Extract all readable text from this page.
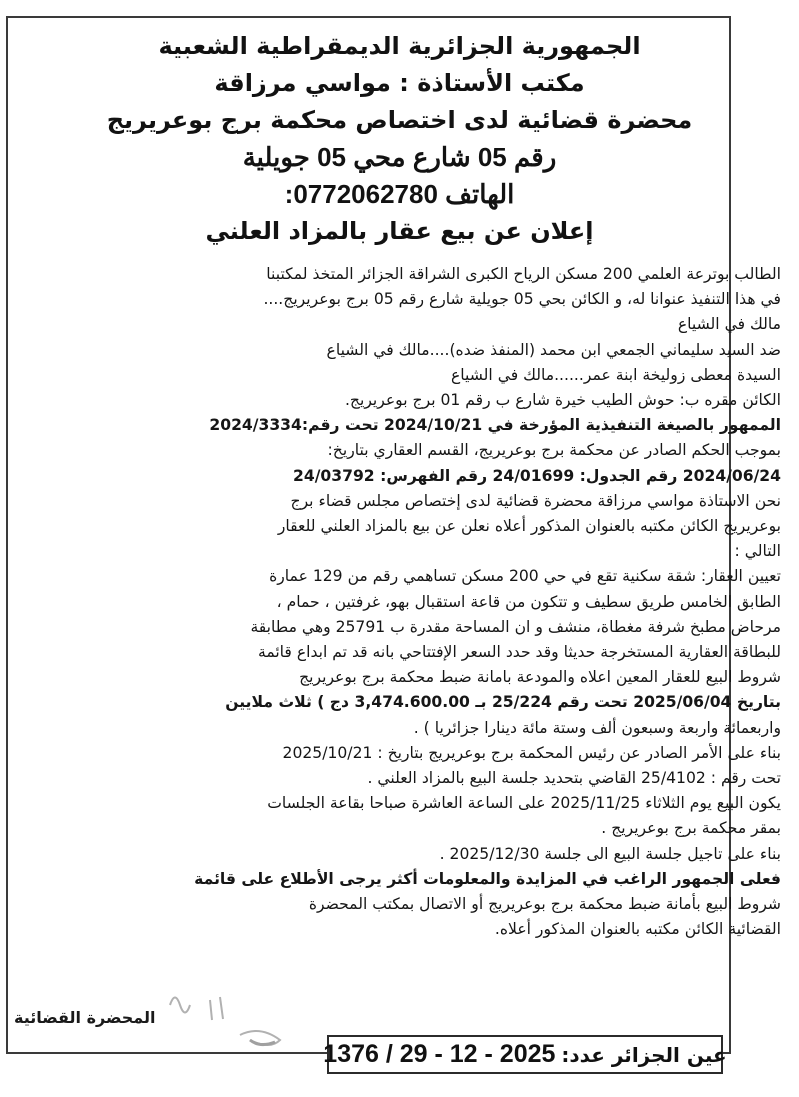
الجمهورية الجزائرية الديمقراطية الشعبية
مكتب الأستاذة : مواسي مرزاقة
محضرة قضائية لدى اختصاص محكمة برج بوعريريج
رقم 05 شارع محي 05 جويلية
الهاتف 0772062780:
إعلان عن بيع عقار بالمزاد العلني
الطالب بوترعة العلمي 200 مسكن الرياح الكبرى الشراقة الجزائر المتخذ لمكتبنا
في هذا التنفيذ عنوانا له، و الكائن بحي 05 جويلية شارع رقم 05 برج بوعريريج....
مالك في الشياع
ضد السيد سليماني الجمعي ابن محمد (المنفذ ضده)....مالك في الشياع
السيدة معطى زوليخة ابنة عمر......مالك في الشياع
الكائن مقره ب: حوش الطيب خيرة شارع ب رقم 01 برج بوعريريج.
الممهور بالصيغة التنفيذية المؤرخة في 2024/10/21 تحت رقم:2024/3334
بموجب الحكم الصادر عن محكمة برج بوعريريج، القسم العقاري بتاريخ:
2024/06/24 رقم الجدول: 24/01699 رقم الفهرس: 24/03792
نحن الاستاذة مواسي مرزاقة محضرة قضائية لدى إختصاص مجلس قضاء برج
بوعريريج الكائن مكتبه بالعنوان المذكور أعلاه نعلن عن بيع بالمزاد العلني للعقار
التالي :
تعيين العقار: شقة سكنية تقع في حي 200 مسكن تساهمي رقم من 129 عمارة
الطابق الخامس طريق سطيف و تتكون من قاعة استقبال بهو، غرفتين ، حمام ،
مرحاض مطبخ شرفة مغطاة، منشف و ان المساحة مقدرة ب 25791 وهي مطابقة
للبطاقة العقارية المستخرجة حديثا وقد حدد السعر الإفتتاحي بانه قد تم ابداع قائمة
شروط البيع للعقار المعين اعلاه والمودعة بامانة ضبط محكمة برج بوعريريج
بتاريخ 2025/06/04 تحت رقم 25/224 بـ 3,474.600.00 دج ) ثلاث ملايين
واربعمائة واربعة وسبعون ألف وستة مائة دينارا جزائريا ) .
بناء على الأمر الصادر عن رئيس المحكمة برج بوعريريج بتاريخ : 2025/10/21
تحت رقم : 25/4102 القاضي بتحديد جلسة البيع بالمزاد العلني .
يكون البيع يوم الثلاثاء 2025/11/25 على الساعة العاشرة صباحا بقاعة الجلسات
بمقر محكمة برج بوعريريج .
بناء على تاجيل جلسة البيع الى جلسة 2025/12/30 .
فعلى الجمهور الراغب في المزايدة والمعلومات أكثر يرجى الأطلاع على قائمة
شروط البيع بأمانة ضبط محكمة برج بوعريريج أو الاتصال بمكتب المحضرة
القضائية الكائن مكتبه بالعنوان المذكور أعلاه.
المحضرة القضائية
عين الجزائر عدد:
1376 / 29 - 12 - 2025
